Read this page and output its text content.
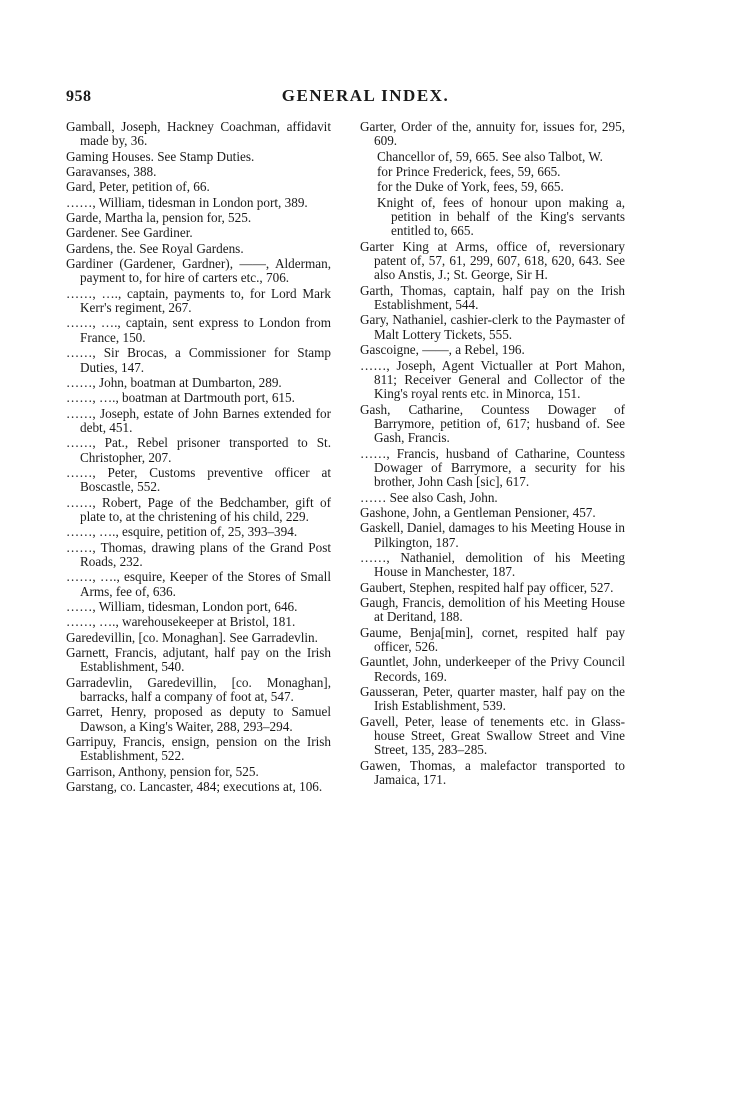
958	GENERAL INDEX.

Gamball, Joseph, Hackney Coachman, affidavit made by, 36.

Gaming Houses. See Stamp Duties.

Garavanses, 388.

Gard, Peter, petition of, 66.

……, William, tidesman in London port, 389.

Garde, Martha la, pension for, 525.

Gardener. See Gardiner.

Gardens, the. See Royal Gardens.

Gardiner (Gardener, Gardner), ——, Alderman, payment to, for hire of carters etc., 706.

……, …., captain, payments to, for Lord Mark Kerr's regiment, 267.

……, …., captain, sent express to London from France, 150.

……, Sir Brocas, a Commissioner for Stamp Duties, 147.

……, John, boatman at Dumbarton, 289.

……, …., boatman at Dartmouth port, 615.

……, Joseph, estate of John Barnes extended for debt, 451.

……, Pat., Rebel prisoner transported to St. Christopher, 207.

……, Peter, Customs preventive officer at Boscastle, 552.

……, Robert, Page of the Bedchamber, gift of plate to, at the christening of his child, 229.

……, …., esquire, petition of, 25, 393–394.

……, Thomas, drawing plans of the Grand Post Roads, 232.

……, …., esquire, Keeper of the Stores of Small Arms, fee of, 636.

……, William, tidesman, London port, 646.

……, …., warehousekeeper at Bristol, 181.

Garedevillin, [co. Monaghan]. See Garradevlin.

Garnett, Francis, adjutant, half pay on the Irish Establishment, 540.

Garradevlin, Garedevillin, [co. Monaghan], barracks, half a company of foot at, 547.

Garret, Henry, proposed as deputy to Samuel Dawson, a King's Waiter, 288, 293–294.

Garripuy, Francis, ensign, pension on the Irish Establishment, 522.

Garrison, Anthony, pension for, 525.

Garstang, co. Lancaster, 484; executions at, 106.

Garter, Order of the, annuity for, issues for, 295, 609.

Chancellor of, 59, 665. See also Talbot, W.

for Prince Frederick, fees, 59, 665.

for the Duke of York, fees, 59, 665.

Knight of, fees of honour upon making a, petition in behalf of the King's servants entitled to, 665.

Garter King at Arms, office of, reversionary patent of, 57, 61, 299, 607, 618, 620, 643. See also Anstis, J.; St. George, Sir H.

Garth, Thomas, captain, half pay on the Irish Establishment, 544.

Gary, Nathaniel, cashier-clerk to the Paymaster of Malt Lottery Tickets, 555.

Gascoigne, ——, a Rebel, 196.

……, Joseph, Agent Victualler at Port Mahon, 811; Receiver General and Collector of the King's royal rents etc. in Minorca, 151.

Gash, Catharine, Countess Dowager of Barrymore, petition of, 617; husband of. See Gash, Francis.

……, Francis, husband of Catharine, Countess Dowager of Barrymore, a security for his brother, John Cash [sic], 617.

…… See also Cash, John.

Gashone, John, a Gentleman Pensioner, 457.

Gaskell, Daniel, damages to his Meeting House in Pilkington, 187.

……, Nathaniel, demolition of his Meeting House in Manchester, 187.

Gaubert, Stephen, respited half pay officer, 527.

Gaugh, Francis, demolition of his Meeting House at Deritand, 188.

Gaume, Benja[min], cornet, respited half pay officer, 526.

Gauntlet, John, underkeeper of the Privy Council Records, 169.

Gausseran, Peter, quarter master, half pay on the Irish Establishment, 539.

Gavell, Peter, lease of tenements etc. in Glass-house Street, Great Swallow Street and Vine Street, 135, 283–285.

Gawen, Thomas, a malefactor transported to Jamaica, 171.
